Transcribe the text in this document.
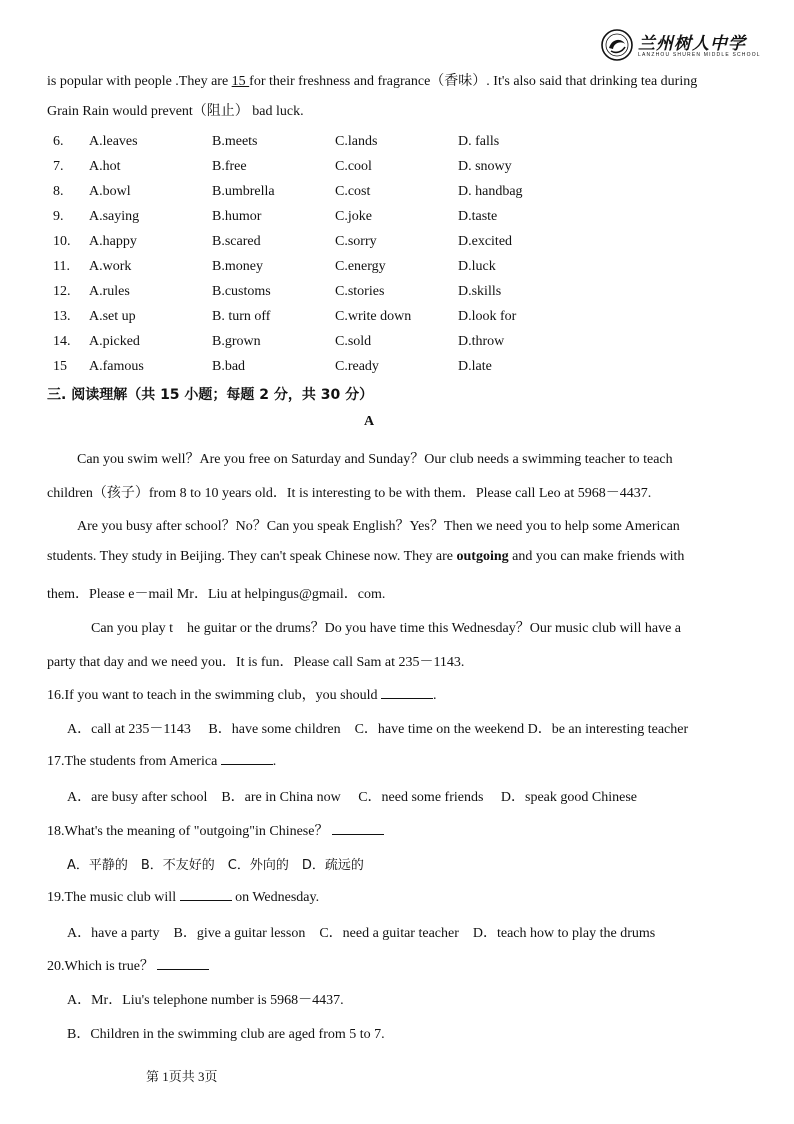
兰州树人中学
LANZHOU SHUREN MIDDLE SCHOOL
is popular with people .They are 15 for their freshness and fragrance（香味）. It's also said that drinking tea during
Grain Rain would prevent（阻止） bad luck.
6. A.leaves	B.meets	C.lands	D. falls
7. A.hot	B.free	C.cool	D. snowy
8. A.bowl	B.umbrella	C.cost	D. handbag
9. A.saying	B.humor	C.joke	D.taste
10. A.happy	B.scared	C.sorry	D.excited
11. A.work	B.money	C.energy	D.luck
12. A.rules	B.customs	C.stories	D.skills
13. A.set up	B. turn off	C.write down	D.look for
14. A.picked	B.grown	C.sold	D.throw
15 A.famous	B.bad	C.ready	D.late
三. 阅读理解（共 15 小题；每题 2 分，共 30 分）
A
Can you swim well？Are you free on Saturday and Sunday？Our club needs a swimming teacher to teach
children（孩子）from 8 to 10 years old．It is interesting to be with them．Please call Leo at 5968－4437.
Are you busy after school？No？Can you speak English？Yes？Then we need you to help some American
students. They study in Beijing. They can't speak Chinese now. They are outgoing and you can make friends with
them．Please e－mail Mr．Liu at helpingus@gmail．com.
Can you play t    he guitar or the drums？Do you have time this Wednesday？Our music club will have a
party that day and we need you．It is fun．Please call Sam at 235－1143.
16.If you want to teach in the swimming club，you should	.
A．call at 235－1143　 B．have some children　C．have time on the weekend D．be an interesting teacher
17.The students from America	.
A．are busy after school　B．are in China now　 C．need some friends　 D．speak good Chinese
18.What's the meaning of "outgoing"in Chinese？
A．平静的　B．不友好的　C．外向的　D．疏远的
19.The music club will	on Wednesday.
A．have a party　B．give a guitar lesson　C．need a guitar teacher　D．teach how to play the drums
20.Which is true？
A．Mr．Liu's telephone number is 5968－4437.
B．Children in the swimming club are aged from 5 to 7.
第 1页共 3页
